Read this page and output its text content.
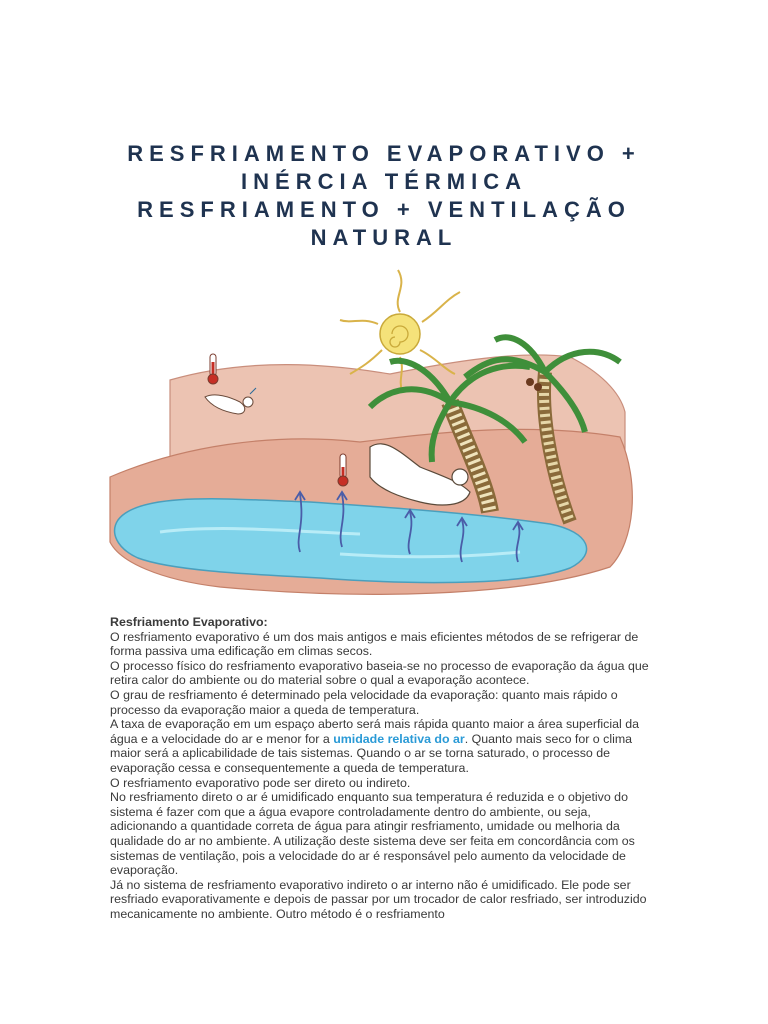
RESFRIAMENTO EVAPORATIVO +
INÉRCIA TÉRMICA
RESFRIAMENTO + VENTILAÇÃO
NATURAL

Resfriamento Evaporativo:

O resfriamento evaporativo é um dos mais antigos e mais eficientes métodos de se refrigerar de forma passiva uma edificação em climas secos.

O processo físico do resfriamento evaporativo baseia-se no processo de evaporação da água que retira calor do ambiente ou do material sobre o qual a evaporação acontece.

O grau de resfriamento é determinado pela velocidade da evaporação: quanto mais rápido o processo da evaporação maior a queda de temperatura.

A taxa de evaporação em um espaço aberto será mais rápida quanto maior a área superficial da água e a velocidade do ar e menor for a umidade relativa do ar. Quanto mais seco for o clima maior será a aplicabilidade de tais sistemas. Quando o ar se torna saturado, o processo de evaporação cessa e consequentemente a queda de temperatura.

O resfriamento evaporativo pode ser direto ou indireto.

No resfriamento direto o ar é umidificado enquanto sua temperatura é reduzida e o objetivo do sistema é fazer com que a água evapore controladamente dentro do ambiente, ou seja, adicionando a quantidade correta de água para atingir resfriamento, umidade ou melhoria da qualidade do ar no ambiente. A utilização deste sistema deve ser feita em concordância com os sistemas de ventilação, pois a velocidade do ar é responsável pelo aumento da velocidade de evaporação.

Já no sistema de resfriamento evaporativo indireto o ar interno não é umidificado. Ele pode ser resfriado evaporativamente e depois de passar por um trocador de calor resfriado, ser introduzido mecanicamente no ambiente. Outro método é o resfriamento
